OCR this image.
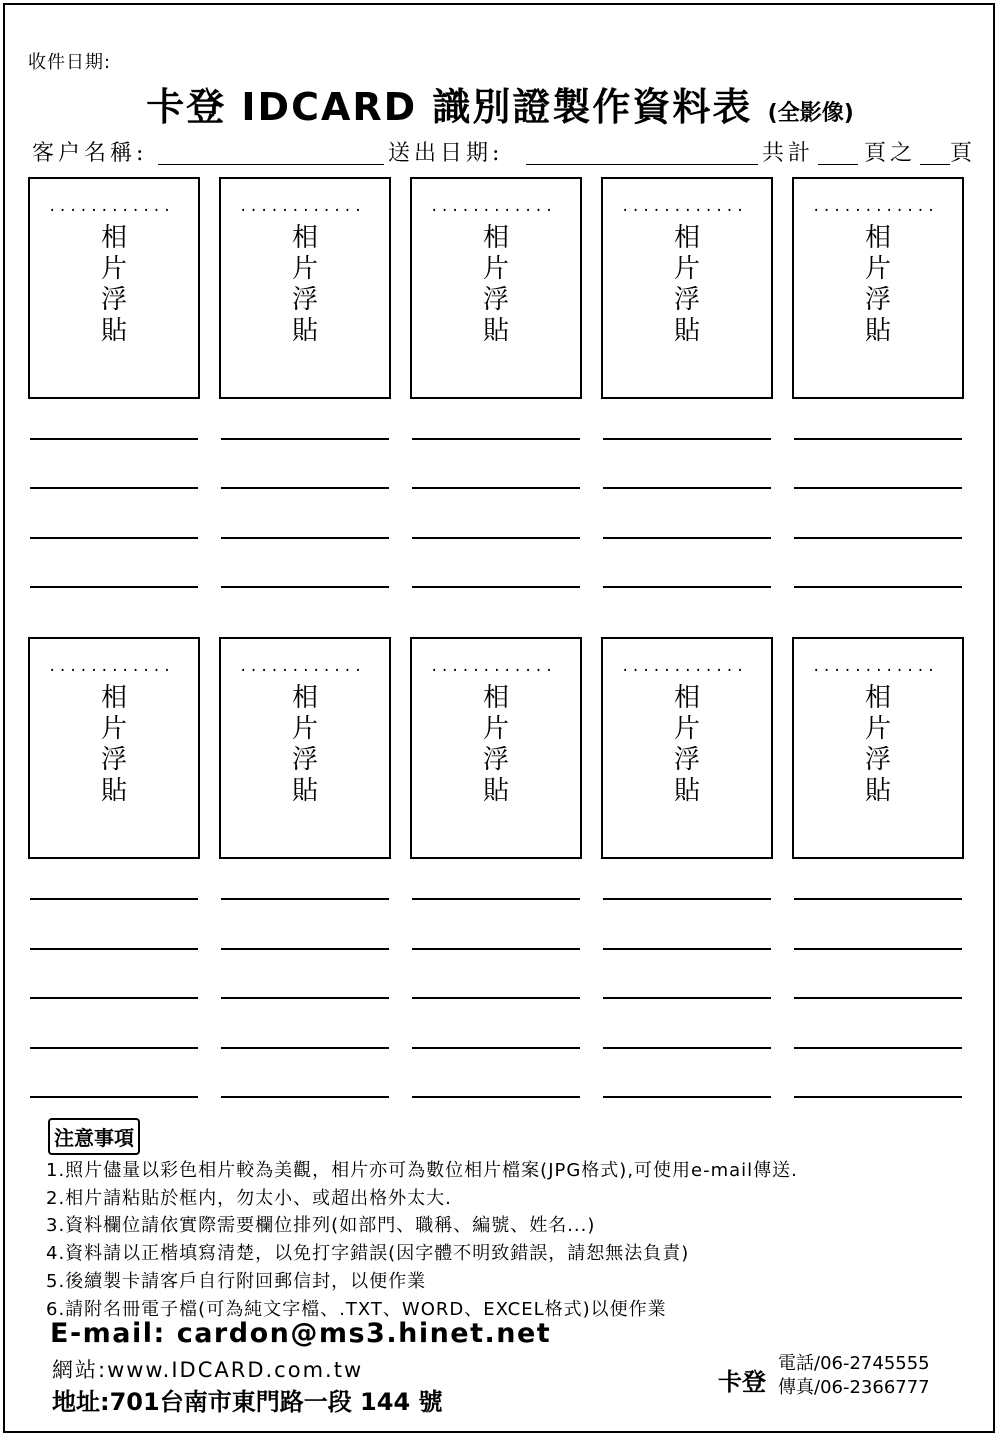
收件日期:
卡登 IDCARD 識別證製作資料表 (全影像)
客户名稱:	送出日期:	共計 頁之 頁
............
相
片
浮
貼
............
相
片
浮
貼
............
相
片
浮
貼
............
相
片
浮
貼
............
相
片
浮
貼
............
相
片
浮
貼
............
相
片
浮
貼
............
相
片
浮
貼
............
相
片
浮
貼
............
相
片
浮
貼
注意事項
1.照片儘量以彩色相片較為美觀，相片亦可為數位相片檔案(JPG格式),可使用e-mail傳送.
2.相片請粘貼於框内，勿太小、或超出格外太大.
3.資料欄位請依實際需要欄位排列(如部門、職稱、編號、姓名...)
4.資料請以正楷填寫清楚，以免打字錯誤(因字體不明致錯誤，請恕無法負責)
5.後續製卡請客戶自行附回郵信封，以便作業
6.請附名冊電子檔(可為純文字檔、.TXT、WORD、EXCEL格式)以便作業
E-mail: cardon@ms3.hinet.net
網站:www.IDCARD.com.tw
地址:701台南市東門路一段 144 號
卡登
電話/06-2745555
傳真/06-2366777
